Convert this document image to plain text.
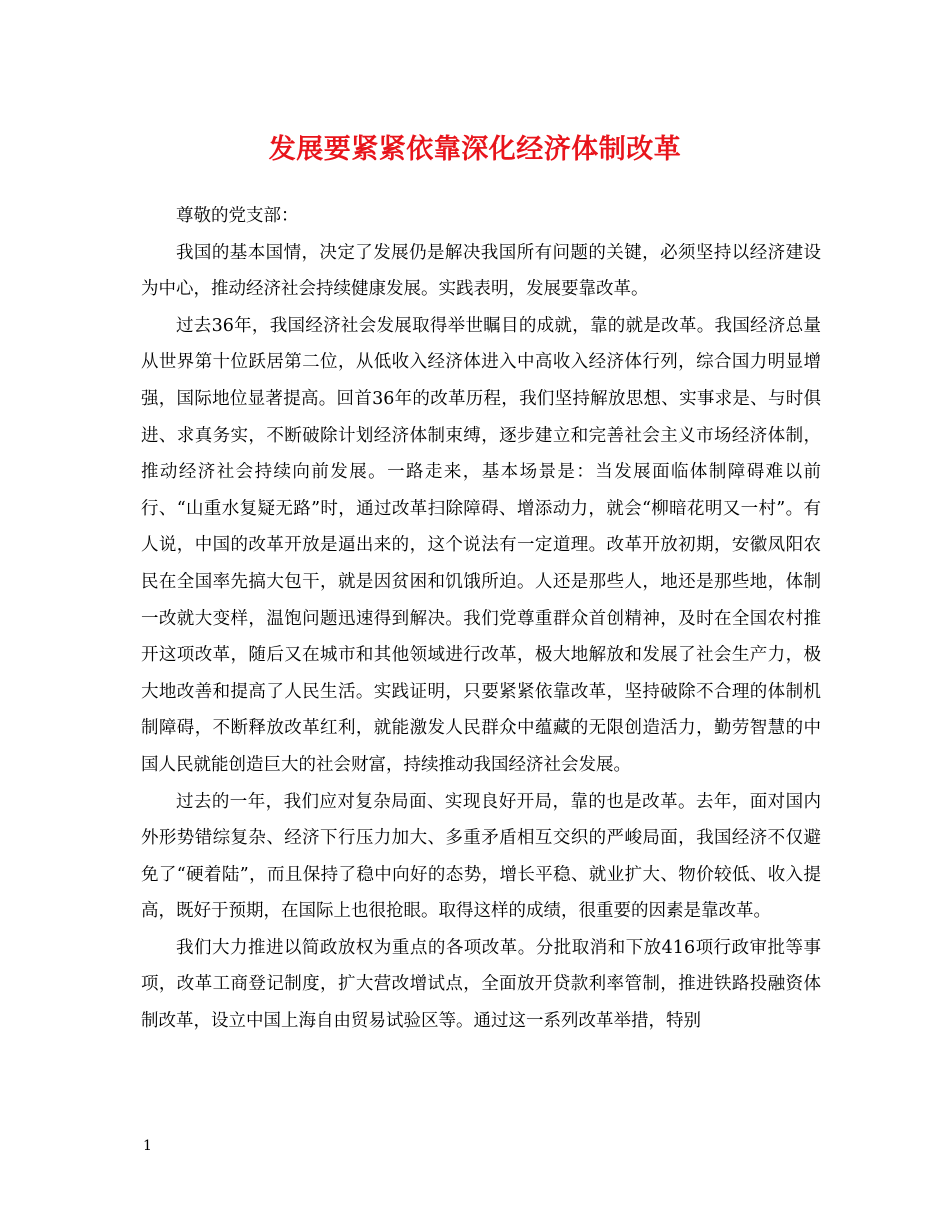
发展要紧紧依靠深化经济体制改革

尊敬的党支部：

我国的基本国情，决定了发展仍是解决我国所有问题的关键，必须坚持以经济建设为中心，推动经济社会持续健康发展。实践表明，发展要靠改革。

过去36年，我国经济社会发展取得举世瞩目的成就，靠的就是改革。我国经济总量从世界第十位跃居第二位，从低收入经济体进入中高收入经济体行列，综合国力明显增强，国际地位显著提高。回首36年的改革历程，我们坚持解放思想、实事求是、与时俱进、求真务实，不断破除计划经济体制束缚，逐步建立和完善社会主义市场经济体制，推动经济社会持续向前发展。一路走来，基本场景是：当发展面临体制障碍难以前行、“山重水复疑无路”时，通过改革扫除障碍、增添动力，就会“柳暗花明又一村”。有人说，中国的改革开放是逼出来的，这个说法有一定道理。改革开放初期，安徽凤阳农民在全国率先搞大包干，就是因贫困和饥饿所迫。人还是那些人，地还是那些地，体制一改就大变样，温饱问题迅速得到解决。我们党尊重群众首创精神，及时在全国农村推开这项改革，随后又在城市和其他领域进行改革，极大地解放和发展了社会生产力，极大地改善和提高了人民生活。实践证明，只要紧紧依靠改革，坚持破除不合理的体制机制障碍，不断释放改革红利，就能激发人民群众中蕴藏的无限创造活力，勤劳智慧的中国人民就能创造巨大的社会财富，持续推动我国经济社会发展。

过去的一年，我们应对复杂局面、实现良好开局，靠的也是改革。去年，面对国内外形势错综复杂、经济下行压力加大、多重矛盾相互交织的严峻局面，我国经济不仅避免了“硬着陆”，而且保持了稳中向好的态势，增长平稳、就业扩大、物价较低、收入提高，既好于预期，在国际上也很抢眼。取得这样的成绩，很重要的因素是靠改革。

我们大力推进以简政放权为重点的各项改革。分批取消和下放416项行政审批等事项，改革工商登记制度，扩大营改增试点，全面放开贷款利率管制，推进铁路投融资体制改革，设立中国上海自由贸易试验区等。通过这一系列改革举措，特别

1
